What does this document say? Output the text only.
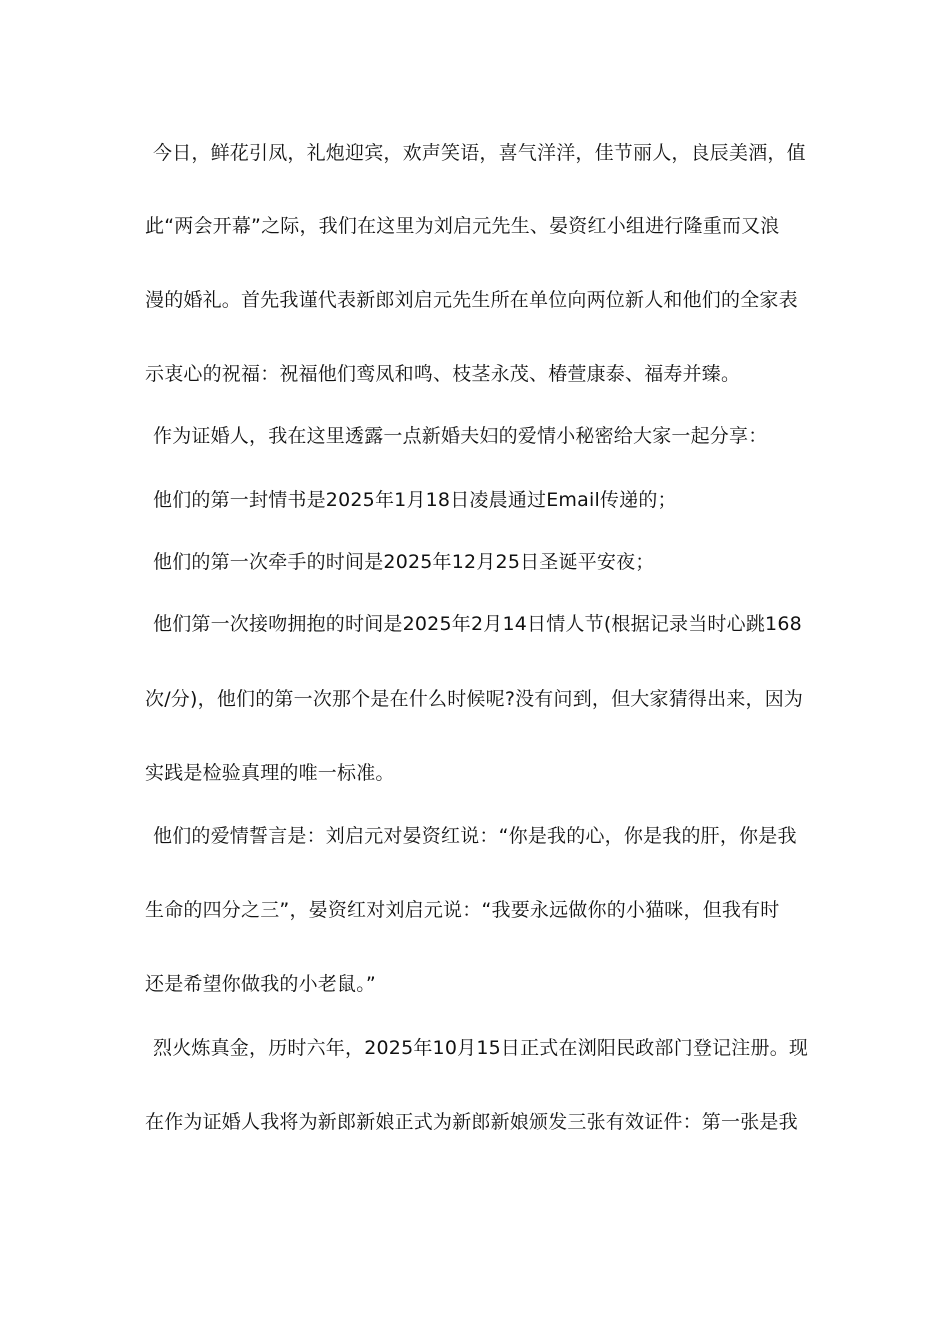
今日，鲜花引凤，礼炮迎宾，欢声笑语，喜气洋洋，佳节丽人，良辰美酒，值
此“两会开幕”之际，我们在这里为刘启元先生、晏资红小组进行隆重而又浪
漫的婚礼。首先我谨代表新郎刘启元先生所在单位向两位新人和他们的全家表
示衷心的祝福：祝福他们鸾凤和鸣、枝茎永茂、椿萱康泰、福寿并臻。
作为证婚人，我在这里透露一点新婚夫妇的爱情小秘密给大家一起分享：
他们的第一封情书是2025年1月18日凌晨通过Email传递的；
他们的第一次牵手的时间是2025年12月25日圣诞平安夜；
他们第一次接吻拥抱的时间是2025年2月14日情人节(根据记录当时心跳168
次/分)，他们的第一次那个是在什么时候呢?没有问到，但大家猜得出来，因为
实践是检验真理的唯一标准。
他们的爱情誓言是：刘启元对晏资红说：“你是我的心，你是我的肝，你是我
生命的四分之三”，晏资红对刘启元说：“我要永远做你的小猫咪，但我有时
还是希望你做我的小老鼠。”
烈火炼真金，历时六年，2025年10月15日正式在浏阳民政部门登记注册。现
在作为证婚人我将为新郎新娘正式为新郎新娘颁发三张有效证件：第一张是我
